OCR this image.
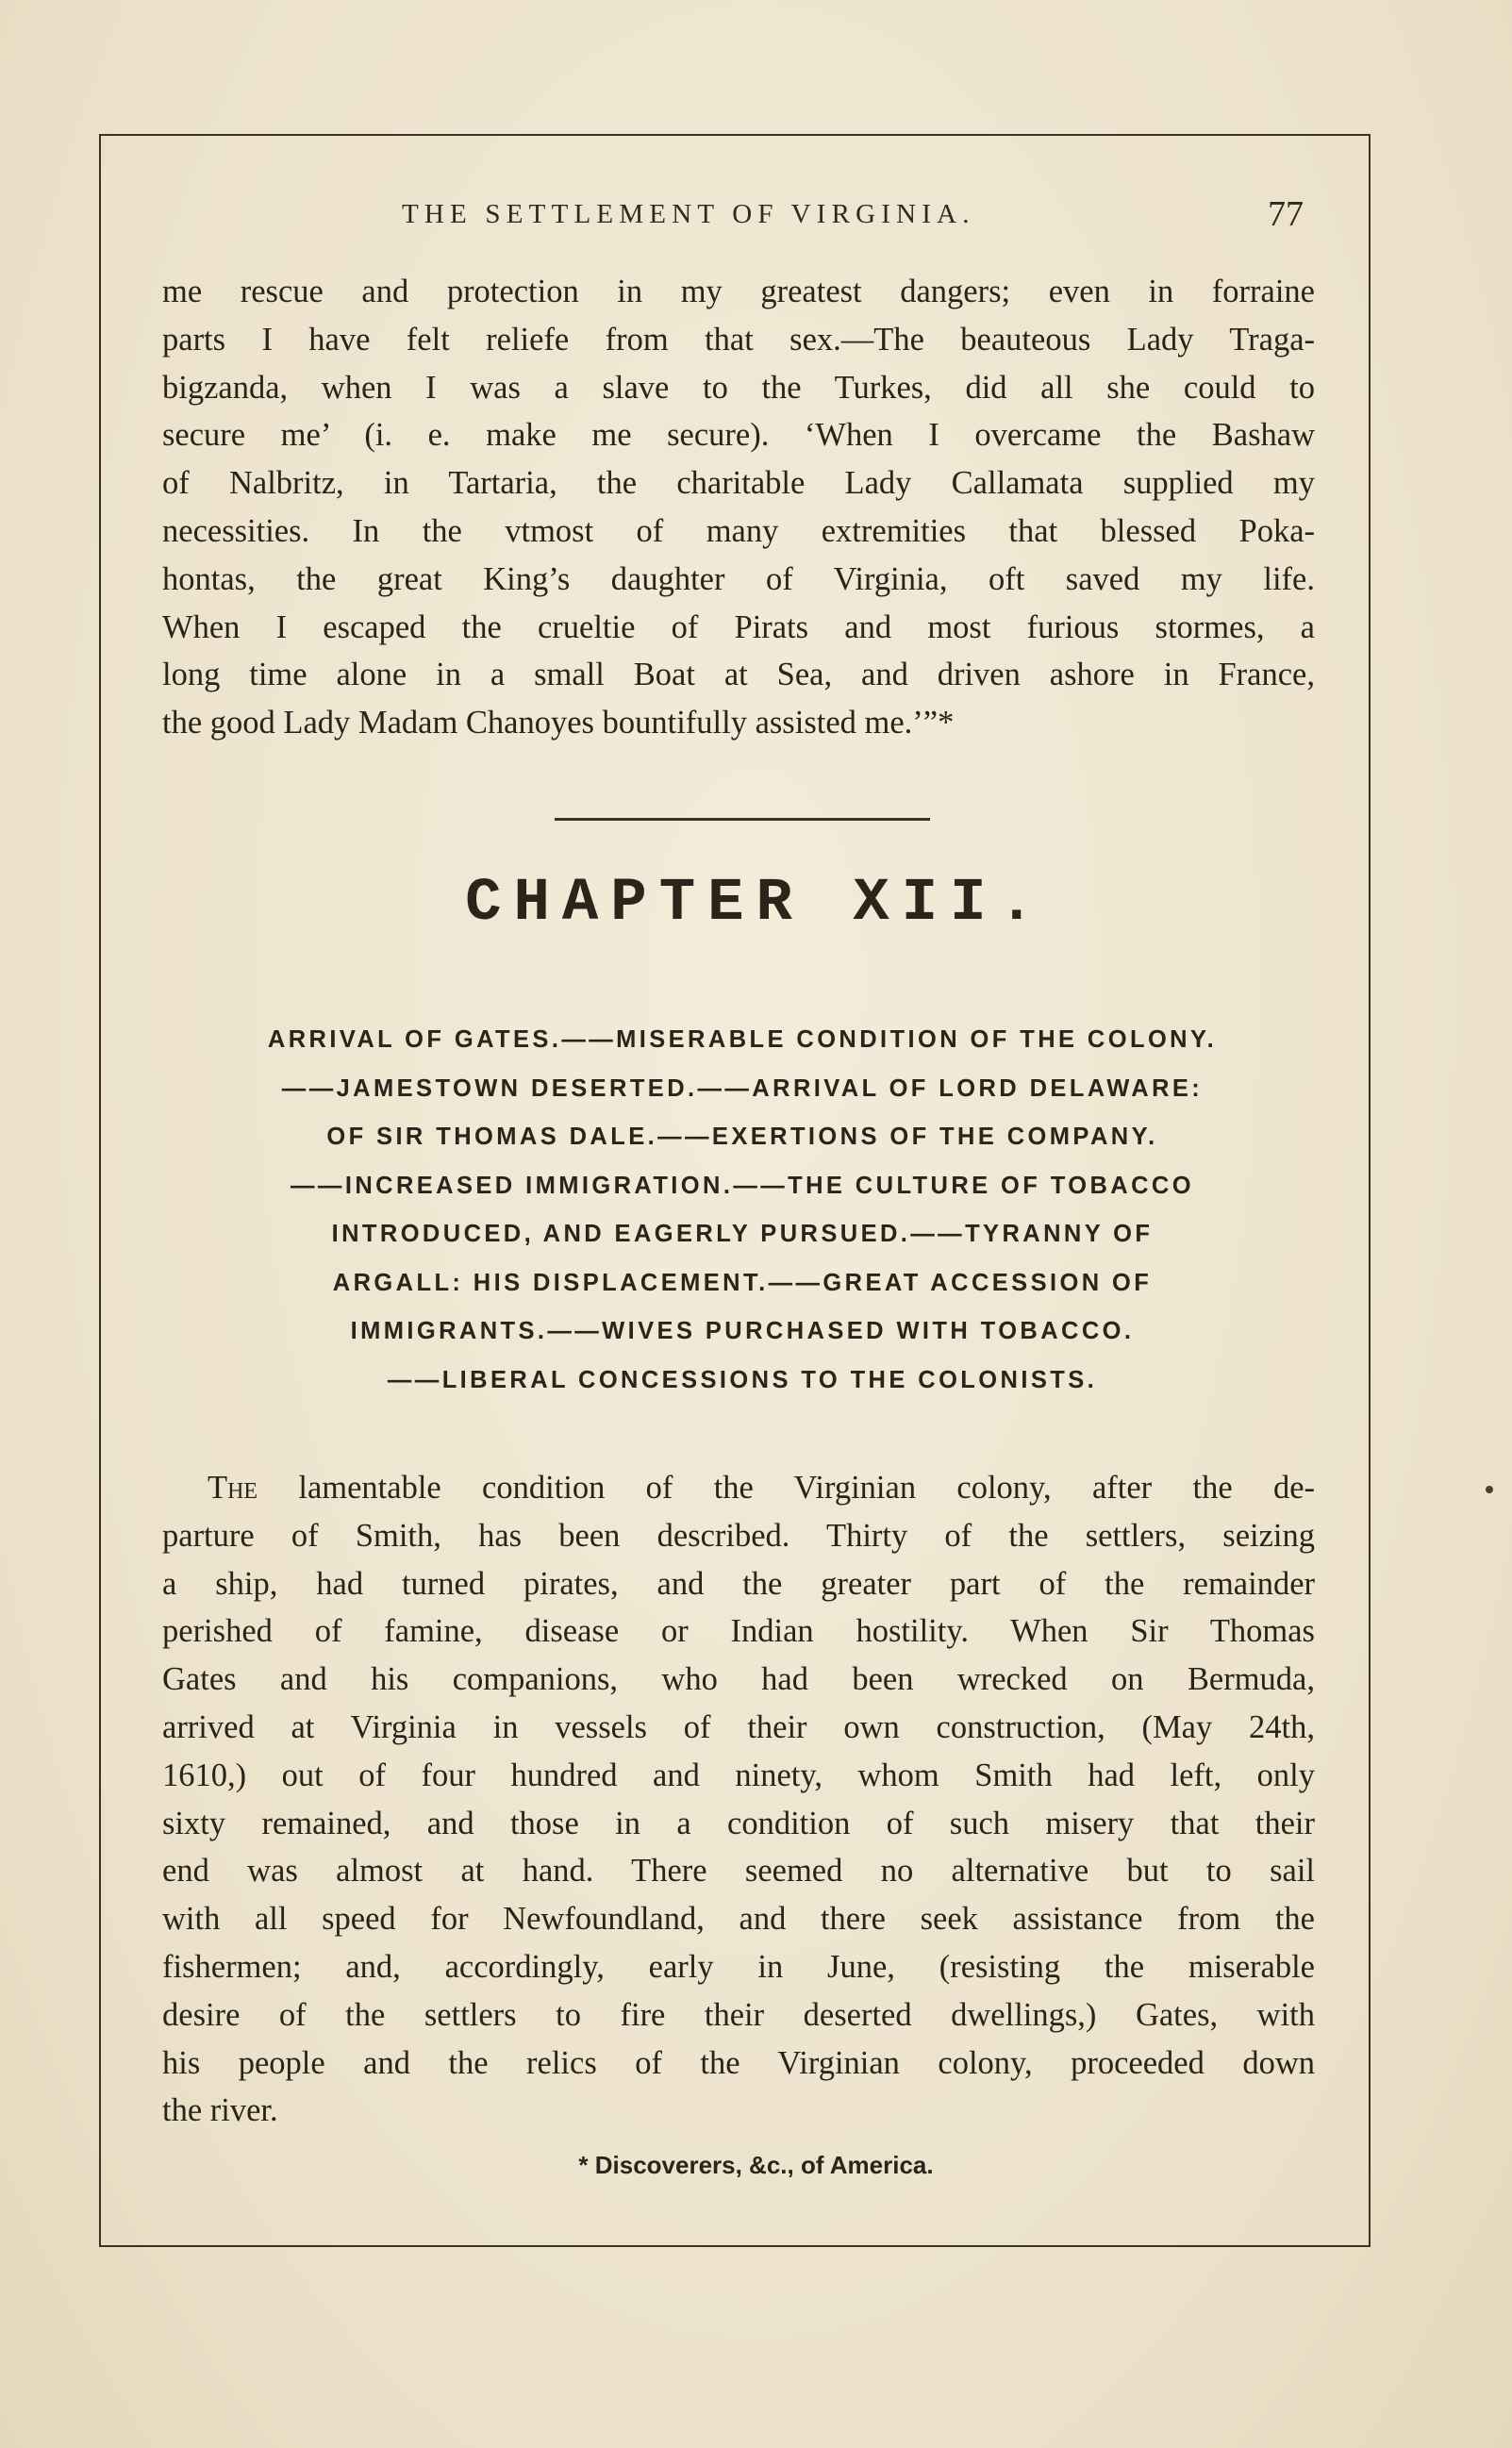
THE SETTLEMENT OF VIRGINIA.	77
me rescue and protection in my greatest dangers; even in forraine
parts I have felt reliefe from that sex.—The beauteous Lady Traga-
bigzanda, when I was a slave to the Turkes, did all she could to
secure me’ (i. e. make me secure). ‘When I overcame the Bashaw
of Nalbritz, in Tartaria, the charitable Lady Callamata supplied my
necessities. In the vtmost of many extremities that blessed Poka-
hontas, the great King’s daughter of Virginia, oft saved my life.
When I escaped the crueltie of Pirats and most furious stormes, a
long time alone in a small Boat at Sea, and driven ashore in France,
the good Lady Madam Chanoyes bountifully assisted me.’”*
CHAPTER XII.
ARRIVAL OF GATES.——MISERABLE CONDITION OF THE COLONY.
——JAMESTOWN DESERTED.——ARRIVAL OF LORD DELAWARE:
OF SIR THOMAS DALE.——EXERTIONS OF THE COMPANY.
——INCREASED IMMIGRATION.——THE CULTURE OF TOBACCO
INTRODUCED, AND EAGERLY PURSUED.——TYRANNY OF
ARGALL: HIS DISPLACEMENT.——GREAT ACCESSION OF
IMMIGRANTS.——WIVES PURCHASED WITH TOBACCO.
——LIBERAL CONCESSIONS TO THE COLONISTS.
The lamentable condition of the Virginian colony, after the de-
parture of Smith, has been described. Thirty of the settlers, seizing
a ship, had turned pirates, and the greater part of the remainder
perished of famine, disease or Indian hostility. When Sir Thomas
Gates and his companions, who had been wrecked on Bermuda,
arrived at Virginia in vessels of their own construction, (May 24th,
1610,) out of four hundred and ninety, whom Smith had left, only
sixty remained, and those in a condition of such misery that their
end was almost at hand. There seemed no alternative but to sail
with all speed for Newfoundland, and there seek assistance from the
fishermen; and, accordingly, early in June, (resisting the miserable
desire of the settlers to fire their deserted dwellings,) Gates, with
his people and the relics of the Virginian colony, proceeded down
the river.
* Discoverers, &c., of America.
